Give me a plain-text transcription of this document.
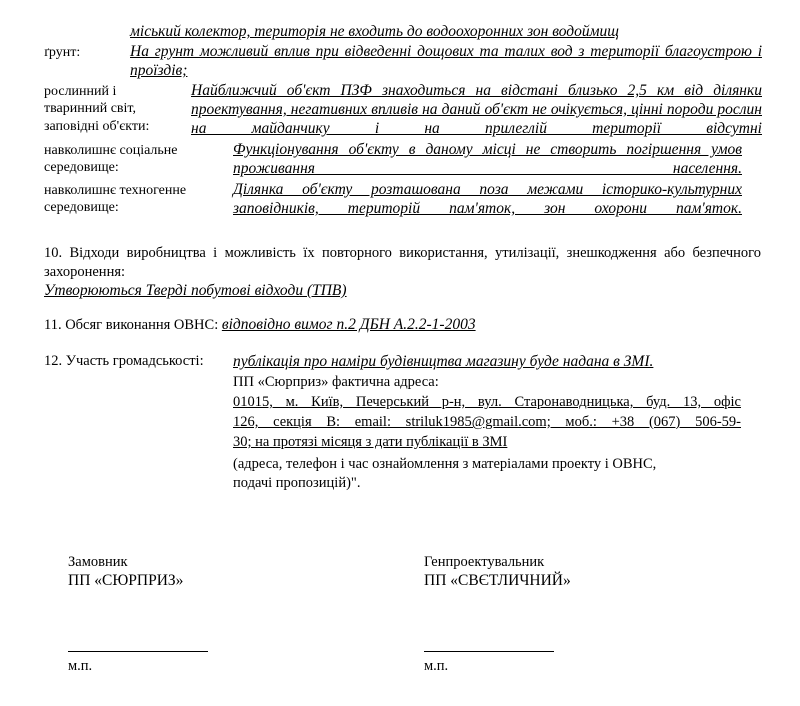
міський колектор, територія не входить до водоохоронних зон водоймищ

ґрунт:	На грунт можливий вплив при відведенні дощових та талих вод з території благоустрою і проїздів;

рослинний і

тваринний світ,

заповідні об'єкти:

Найближчий об'єкт ПЗФ знаходиться на відстані близько 2,5 км від ділянки проектування, негативних впливів на даний об'єкт не очікується, цінні породи рослин на майданчику і на прилеглій території відсутні

навколишнє соціальне

середовище:

Функціонування об'єкту в даному місці не створить погіршення умов проживання населення.

навколишнє техногенне

середовище:

Ділянка об'єкту розташована поза межами історико-культурних заповідників, територій пам'яток, зон охорони пам'яток.

10. Відходи виробництва і можливість їх повторного використання, утилізації, знешкодження або безпечного захоронення:

Утворюються Тверді побутові відходи (ТПВ)

11. Обсяг виконання ОВНС: відповідно вимог п.2 ДБН А.2.2-1-2003

12. Участь громадськості: публікація про наміри будівництва магазину буде надана в ЗМІ.

ПП «Сюрприз» фактична адреса:

01015, м. Київ, Печерський р-н, вул. Старонаводницька, буд. 13, офіс

126, секція В: email: striluk1985@gmail.com; моб.: +38 (067) 506-59-

30; на протязі місяця з дати публікації в ЗМІ

(адреса, телефон і час ознайомлення з матеріалами проекту і ОВНС,

подачі пропозицій)".

Замовник

ПП «СЮРПРИЗ»

м.п.

Генпроектувальник

ПП «СВЄТЛИЧНИЙ»

м.п.
